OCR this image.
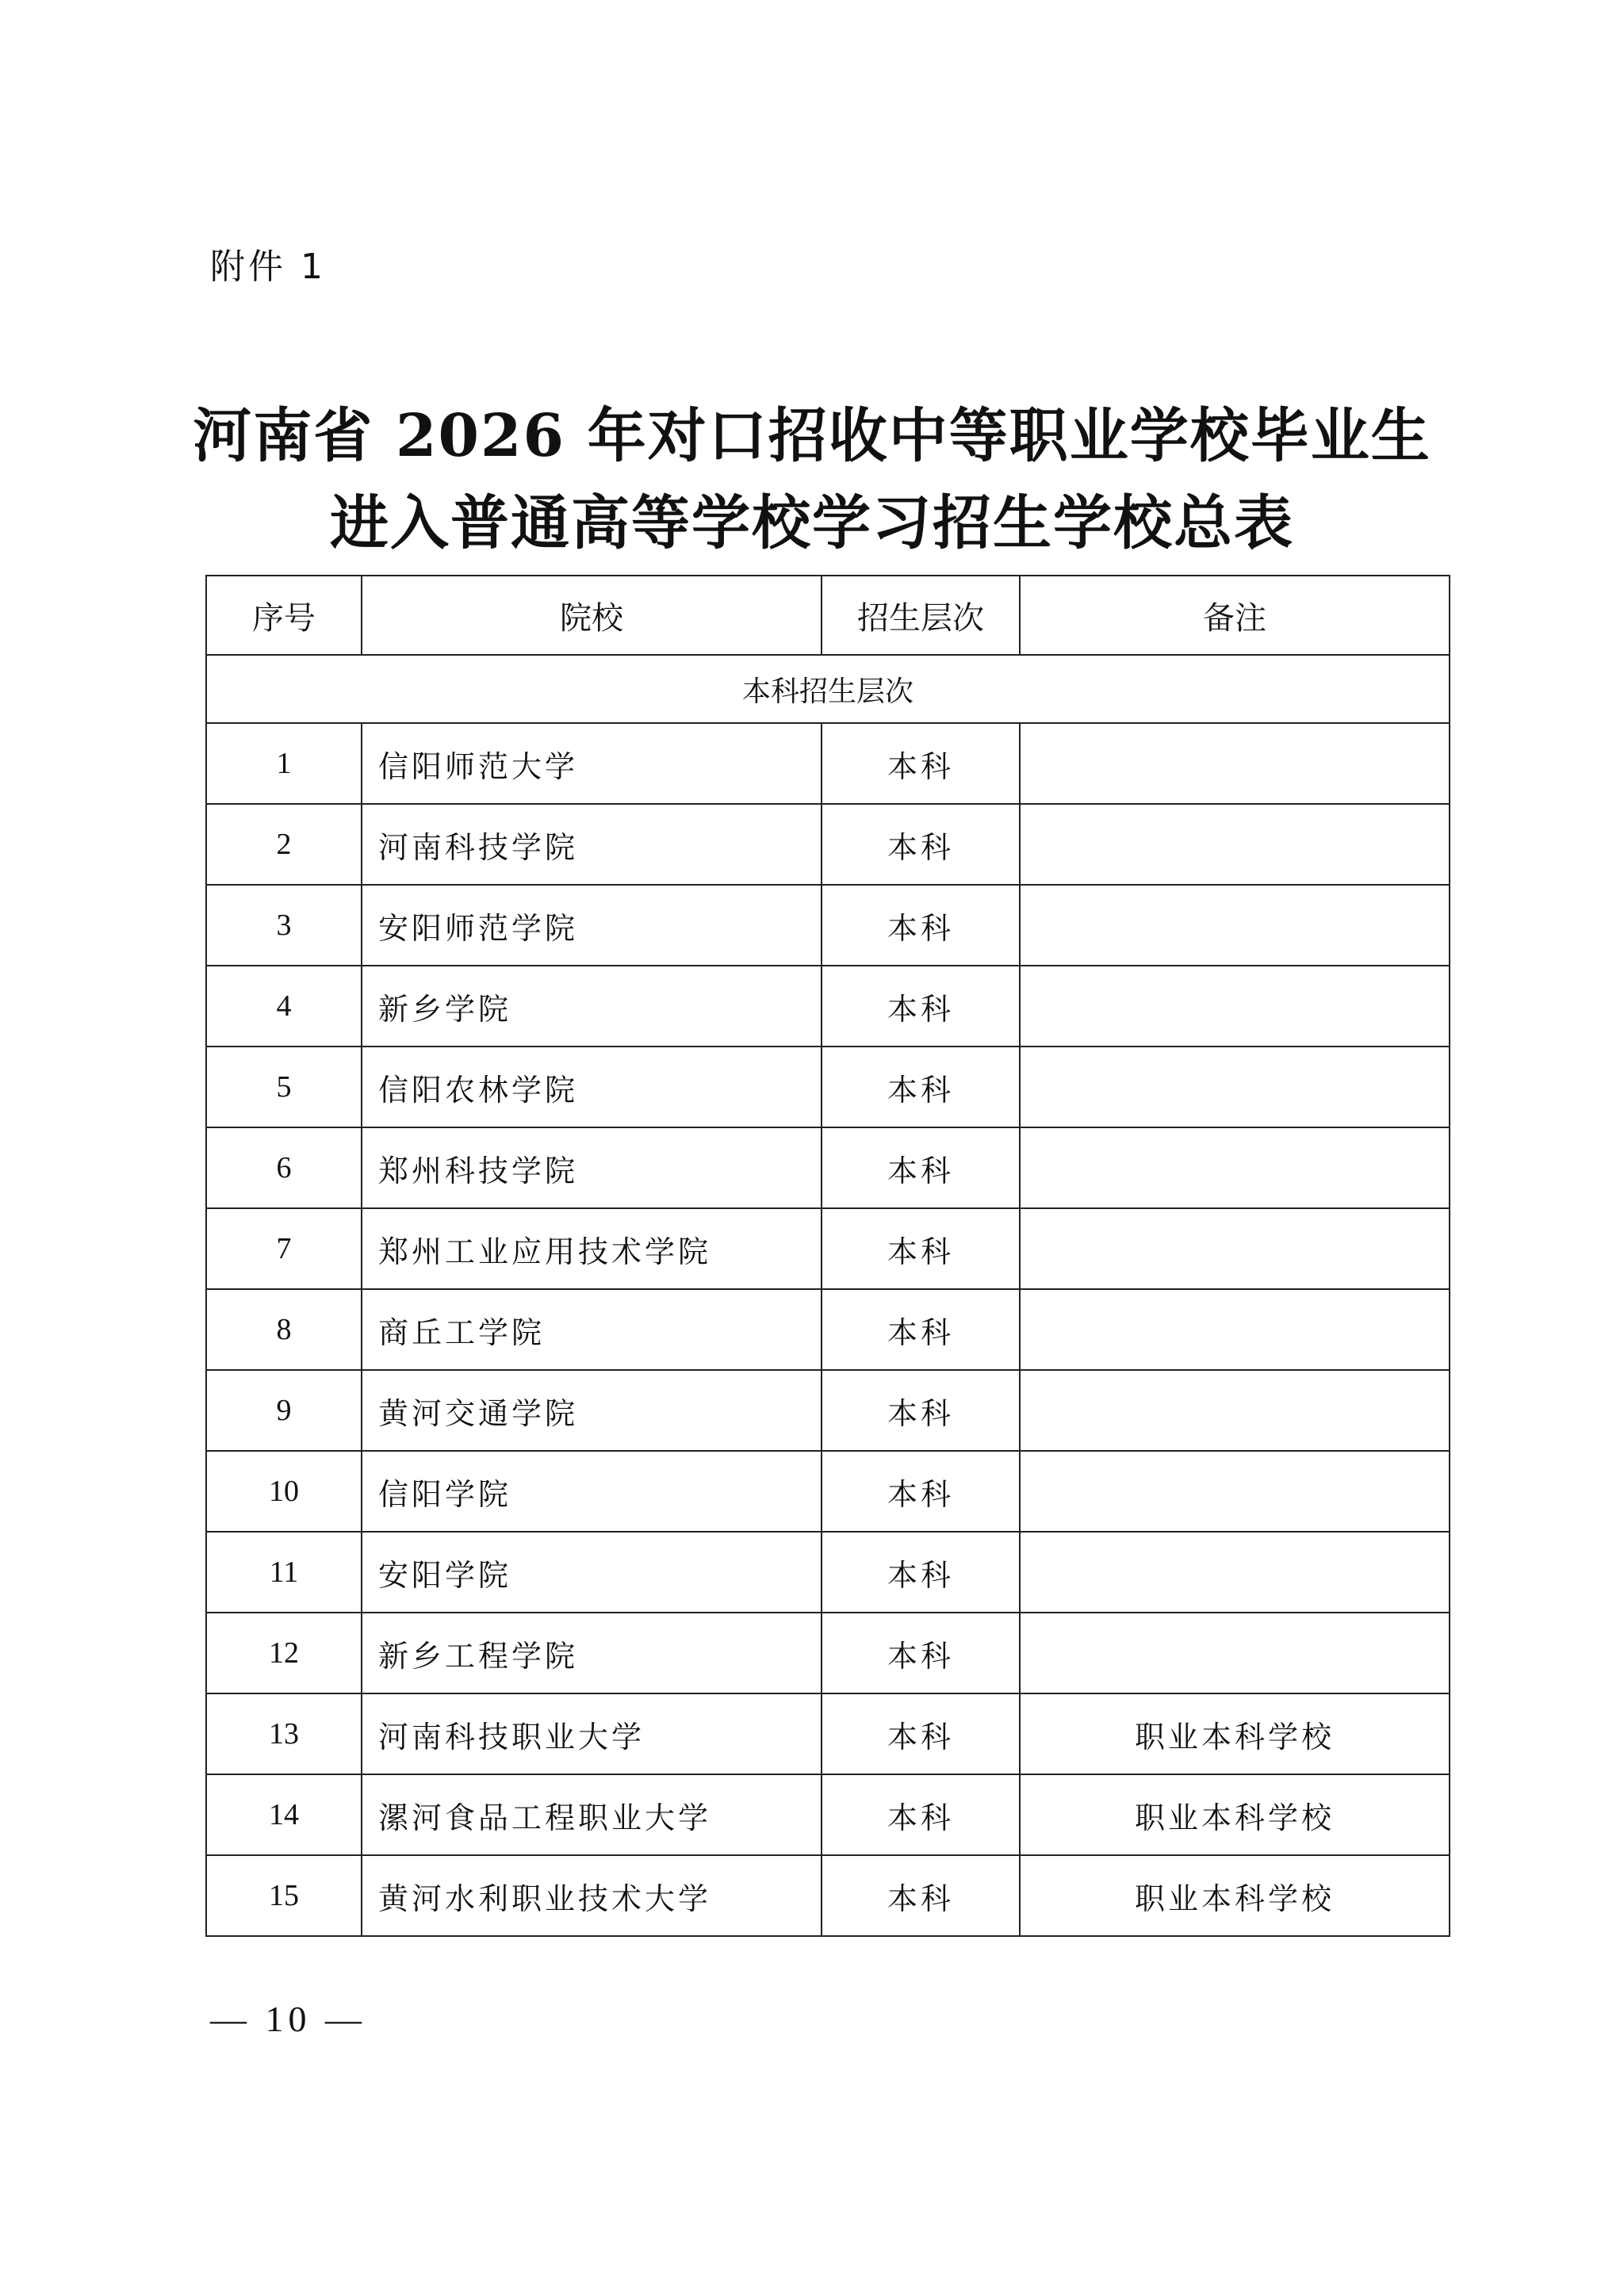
附件 1
河南省 2026 年对口招收中等职业学校毕业生
进入普通高等学校学习招生学校总表
序号	院校	招生层次	备注
本科招生层次			
1	信阳师范大学	本科	
2	河南科技学院	本科	
3	安阳师范学院	本科	
4	新乡学院	本科	
5	信阳农林学院	本科	
6	郑州科技学院	本科	
7	郑州工业应用技术学院	本科	
8	商丘工学院	本科	
9	黄河交通学院	本科	
10	信阳学院	本科	
11	安阳学院	本科	
12	新乡工程学院	本科	
13	河南科技职业大学	本科	职业本科学校
14	漯河食品工程职业大学	本科	职业本科学校
15	黄河水利职业技术大学	本科	职业本科学校
— 10 —
